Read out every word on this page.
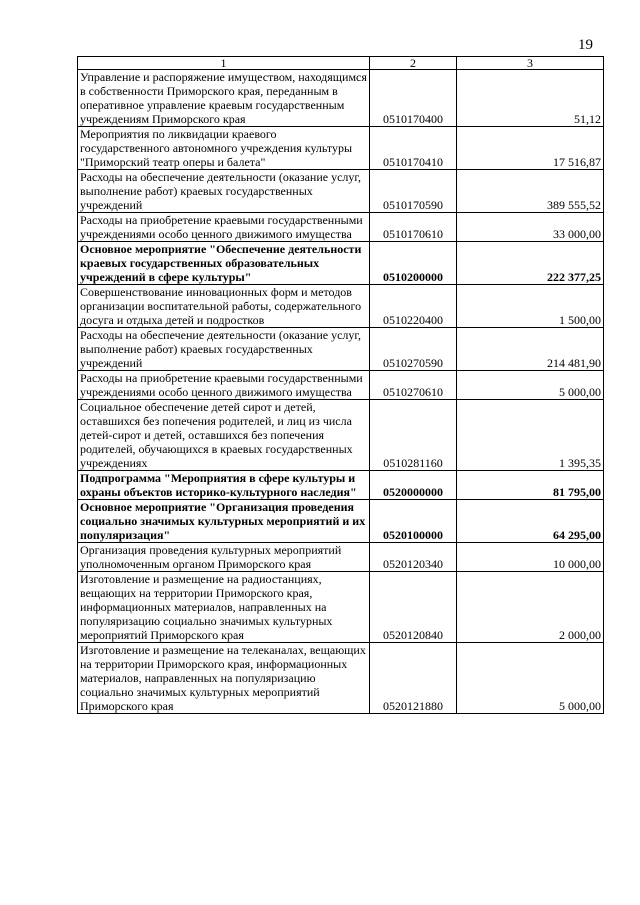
19
1	2	3
Управление и распоряжение имуществом, находящимся в собственности Приморского края, переданным в оперативное управление краевым государственным учреждениям Приморского края	0510170400	51,12
Мероприятия по ликвидации краевого государственного автономного учреждения культуры "Приморский театр оперы и балета"	0510170410	17 516,87
Расходы на обеспечение деятельности (оказание услуг, выполнение работ) краевых государственных учреждений	0510170590	389 555,52
Расходы на приобретение краевыми государственными учреждениями особо ценного движимого имущества	0510170610	33 000,00
Основное мероприятие "Обеспечение деятельности краевых государственных образовательных учреждений в сфере культуры"	0510200000	222 377,25
Совершенствование инновационных форм и методов организации воспитательной работы, содержательного досуга и отдыха детей и подростков	0510220400	1 500,00
Расходы на обеспечение деятельности (оказание услуг, выполнение работ) краевых государственных учреждений	0510270590	214 481,90
Расходы на приобретение краевыми государственными учреждениями особо ценного движимого имущества	0510270610	5 000,00
Социальное обеспечение детей сирот и детей, оставшихся без попечения родителей, и лиц из числа детей-сирот и детей, оставшихся без попечения родителей, обучающихся в краевых государственных учреждениях	0510281160	1 395,35
Подпрограмма "Мероприятия в сфере культуры и охраны объектов историко-культурного наследия"	0520000000	81 795,00
Основное мероприятие "Организация проведения социально значимых культурных мероприятий и их популяризация"	0520100000	64 295,00
Организация проведения культурных мероприятий уполномоченным органом Приморского края	0520120340	10 000,00
Изготовление и размещение на радиостанциях, вещающих на территории Приморского края, информационных материалов, направленных на популяризацию социально значимых культурных мероприятий Приморского края	0520120840	2 000,00
Изготовление и размещение на телеканалах, вещающих на территории Приморского края, информационных материалов, направленных на популяризацию социально значимых культурных мероприятий Приморского края	0520121880	5 000,00
